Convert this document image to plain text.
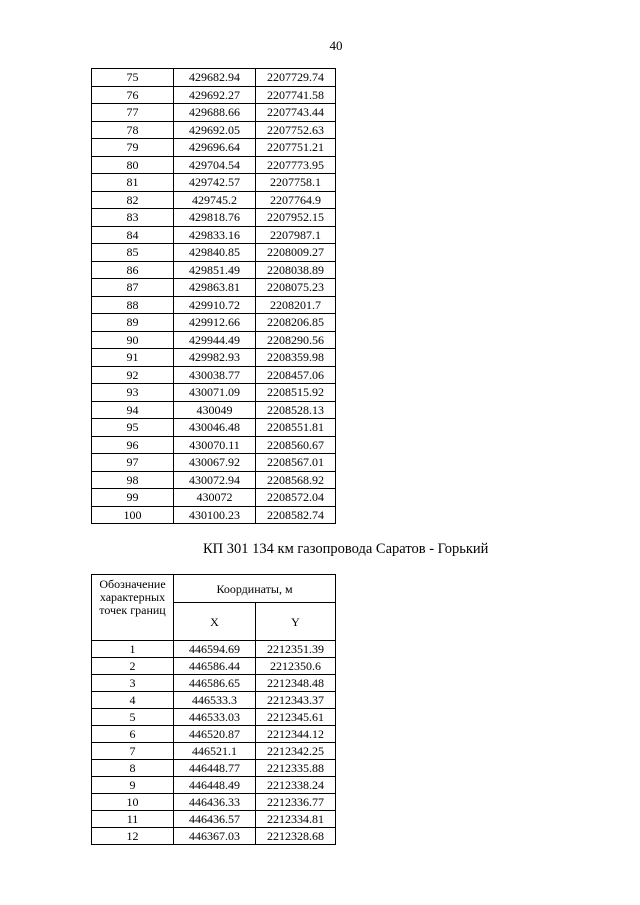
40
75	429682.94	2207729.74
76	429692.27	2207741.58
77	429688.66	2207743.44
78	429692.05	2207752.63
79	429696.64	2207751.21
80	429704.54	2207773.95
81	429742.57	2207758.1
82	429745.2	2207764.9
83	429818.76	2207952.15
84	429833.16	2207987.1
85	429840.85	2208009.27
86	429851.49	2208038.89
87	429863.81	2208075.23
88	429910.72	2208201.7
89	429912.66	2208206.85
90	429944.49	2208290.56
91	429982.93	2208359.98
92	430038.77	2208457.06
93	430071.09	2208515.92
94	430049	2208528.13
95	430046.48	2208551.81
96	430070.11	2208560.67
97	430067.92	2208567.01
98	430072.94	2208568.92
99	430072	2208572.04
100	430100.23	2208582.74
КП 301 134 км газопровода Саратов - Горький
Обозначение характерных точек границ	Координаты, м	
	X	Y
1	446594.69	2212351.39
2	446586.44	2212350.6
3	446586.65	2212348.48
4	446533.3	2212343.37
5	446533.03	2212345.61
6	446520.87	2212344.12
7	446521.1	2212342.25
8	446448.77	2212335.88
9	446448.49	2212338.24
10	446436.33	2212336.77
11	446436.57	2212334.81
12	446367.03	2212328.68
